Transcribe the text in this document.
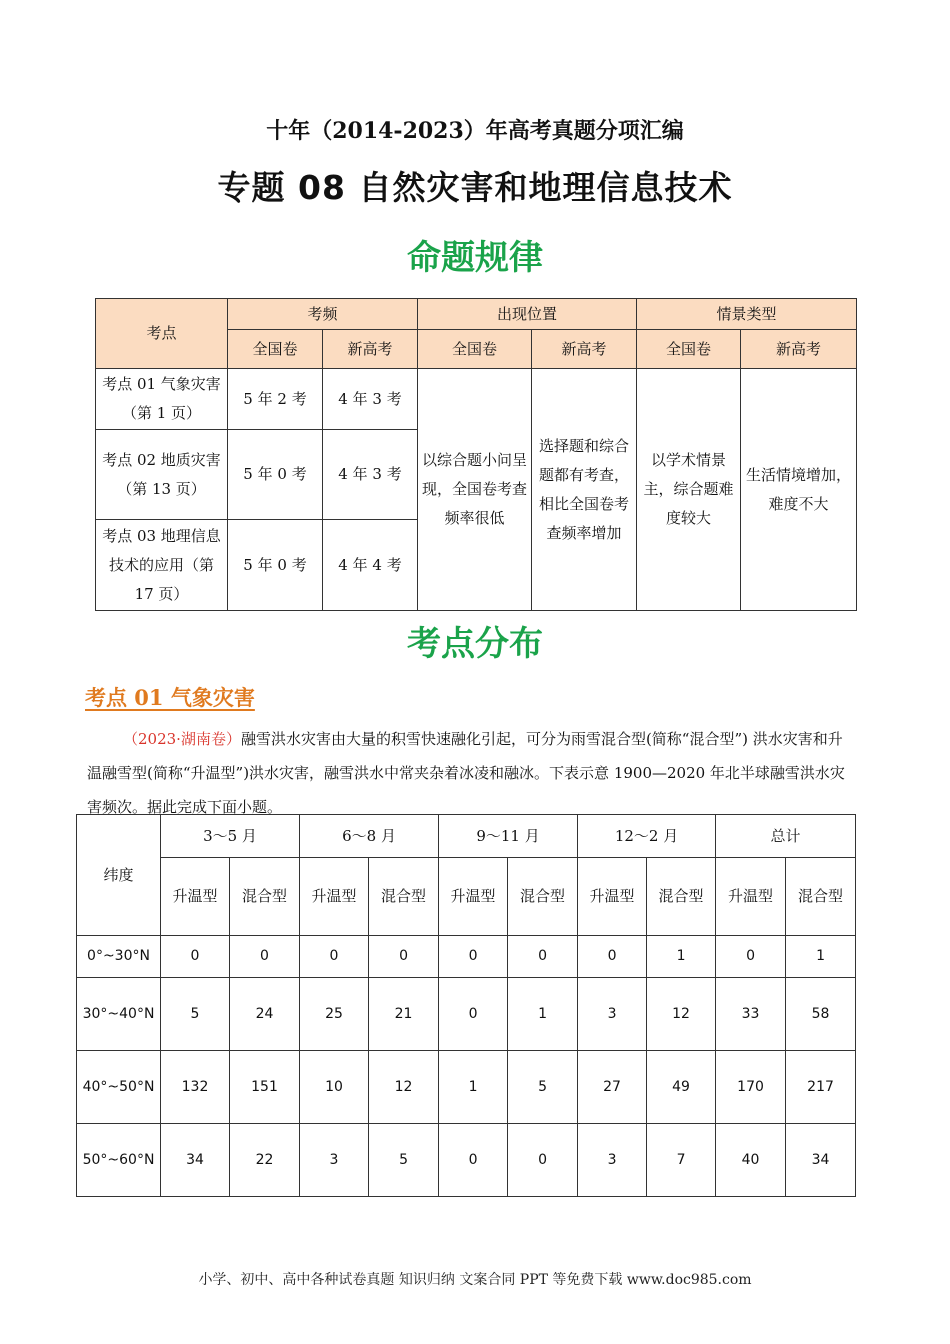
十年（2014-2023）年高考真题分项汇编
专题 08 自然灾害和地理信息技术
命题规律
考点	考频		出现位置		情景类型	
	全国卷	新高考	全国卷	新高考	全国卷	新高考
考点 01 气象灾害（第 1 页）	5 年 2 考	4 年 3 考	以综合题小问呈现，全国卷考查频率很低	选择题和综合题都有考查，相比全国卷考查频率增加	以学术情景主，综合题难度较大	生活情境增加，难度不大
考点 02 地质灾害（第 13 页）	5 年 0 考	4 年 3 考				
考点 03 地理信息技术的应用（第 17 页）	5 年 0 考	4 年 4 考				
考点分布
考点 01 气象灾害
（2023·湖南卷）融雪洪水灾害由大量的积雪快速融化引起，可分为雨雪混合型(简称“混合型”) 洪水灾害和升温融雪型(简称“升温型”)洪水灾害，融雪洪水中常夹杂着冰凌和融冰。下表示意 1900—2020 年北半球融雪洪水灾害频次。据此完成下面小题。
纬度	3～5 月		6～8 月		9～11 月		12～2 月		总计	
	升温型	混合型	升温型	混合型	升温型	混合型	升温型	混合型	升温型	混合型
0°~30°N	0	0	0	0	0	0	0	1	0	1
30°~40°N	5	24	25	21	0	1	3	12	33	58
40°~50°N	132	151	10	12	1	5	27	49	170	217
50°~60°N	34	22	3	5	0	0	3	7	40	34
小学、初中、高中各种试卷真题 知识归纳 文案合同 PPT 等免费下载 www.doc985.com
